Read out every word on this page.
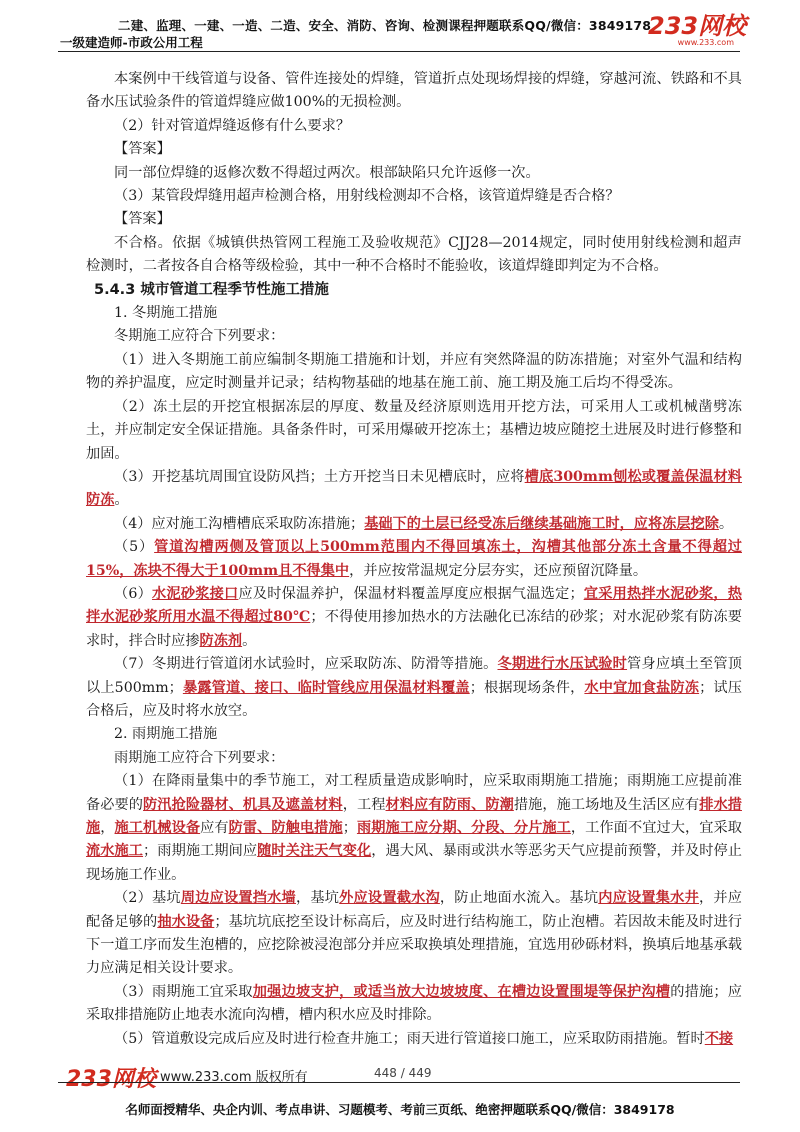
二建、监理、一建、一造、二造、安全、消防、咨询、检测课程押题联系QQ/微信：3849178
一级建造师-市政公用工程
233网校
www.233.com

本案例中干线管道与设备、管件连接处的焊缝，管道折点处现场焊接的焊缝，穿越河流、铁路和不具备水压试验条件的管道焊缝应做100%的无损检测。

（2）针对管道焊缝返修有什么要求？

【答案】

同一部位焊缝的返修次数不得超过两次。根部缺陷只允许返修一次。

（3）某管段焊缝用超声检测合格，用射线检测却不合格，该管道焊缝是否合格？

【答案】

不合格。依据《城镇供热管网工程施工及验收规范》CJJ28—2014规定，同时使用射线检测和超声检测时，二者按各自合格等级检验，其中一种不合格时不能验收，该道焊缝即判定为不合格。

5.4.3 城市管道工程季节性施工措施

1. 冬期施工措施

冬期施工应符合下列要求：

（1）进入冬期施工前应编制冬期施工措施和计划，并应有突然降温的防冻措施；对室外气温和结构物的养护温度，应定时测量并记录；结构物基础的地基在施工前、施工期及施工后均不得受冻。

（2）冻土层的开挖宜根据冻层的厚度、数量及经济原则选用开挖方法，可采用人工或机械凿劈冻土，并应制定安全保证措施。具备条件时，可采用爆破开挖冻土；基槽边坡应随挖土进展及时进行修整和加固。

（3）开挖基坑周围宜设防风挡；土方开挖当日未见槽底时，应将槽底300mm刨松或覆盖保温材料防冻。

（4）应对施工沟槽槽底采取防冻措施；基础下的土层已经受冻后继续基础施工时，应将冻层挖除。

（5）管道沟槽两侧及管顶以上500mm范围内不得回填冻土，沟槽其他部分冻土含量不得超过15%，冻块不得大于100mm且不得集中，并应按常温规定分层夯实，还应预留沉降量。

（6）水泥砂浆接口应及时保温养护，保温材料覆盖厚度应根据气温选定；宜采用热拌水泥砂浆，热拌水泥砂浆所用水温不得超过80℃；不得使用掺加热水的方法融化已冻结的砂浆；对水泥砂浆有防冻要求时，拌合时应掺防冻剂。

（7）冬期进行管道闭水试验时，应采取防冻、防滑等措施。冬期进行水压试验时管身应填土至管顶以上500mm；暴露管道、接口、临时管线应用保温材料覆盖；根据现场条件，水中宜加食盐防冻；试压合格后，应及时将水放空。

2. 雨期施工措施

雨期施工应符合下列要求：

（1）在降雨量集中的季节施工，对工程质量造成影响时，应采取雨期施工措施；雨期施工应提前准备必要的防汛抢险器材、机具及遮盖材料，工程材料应有防雨、防潮措施，施工场地及生活区应有排水措施，施工机械设备应有防雷、防触电措施；雨期施工应分期、分段、分片施工，工作面不宜过大，宜采取流水施工；雨期施工期间应随时关注天气变化，遇大风、暴雨或洪水等恶劣天气应提前预警，并及时停止现场施工作业。

（2）基坑周边应设置挡水墙，基坑外应设置截水沟，防止地面水流入。基坑内应设置集水井，并应配备足够的抽水设备；基坑坑底挖至设计标高后，应及时进行结构施工，防止泡槽。若因故未能及时进行下一道工序而发生泡槽的，应挖除被浸泡部分并应采取换填处理措施，宜选用砂砾材料，换填后地基承载力应满足相关设计要求。

（3）雨期施工宜采取加强边坡支护，或适当放大边坡坡度、在槽边设置围堤等保护沟槽的措施；应采取排措施防止地表水流向沟槽，槽内积水应及时排除。

（5）管道敷设完成后应及时进行检查井施工；雨天进行管道接口施工，应采取防雨措施。暂时不接

233网校 www.233.com 版权所有	448 / 449
名师面授精华、央企内训、考点串讲、习题模考、考前三页纸、绝密押题联系QQ/微信：3849178
